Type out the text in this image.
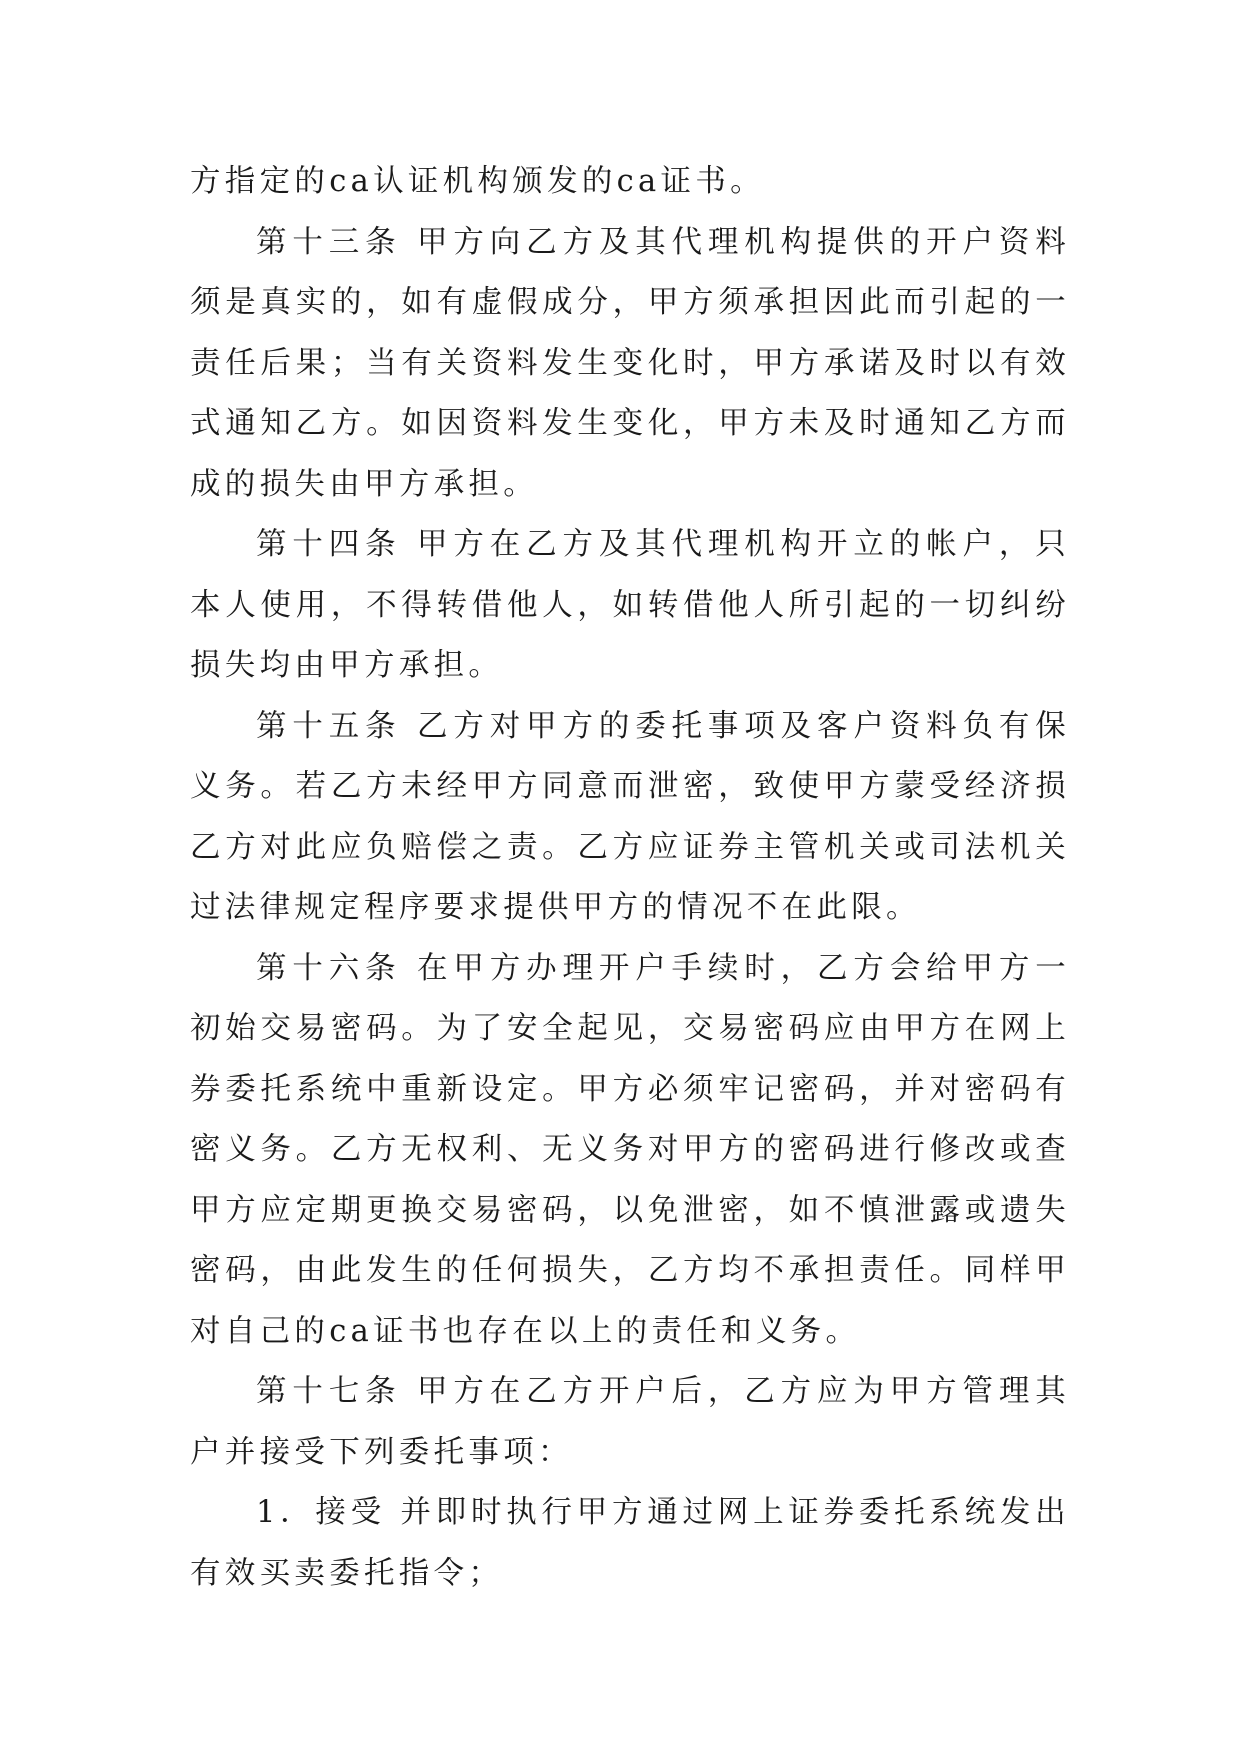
方指定的ca认证机构颁发的ca证书。
第十三条 甲方向乙方及其代理机构提供的开户资料
须是真实的，如有虚假成分，甲方须承担因此而引起的一
责任后果；当有关资料发生变化时，甲方承诺及时以有效
式通知乙方。如因资料发生变化，甲方未及时通知乙方而
成的损失由甲方承担。
第十四条 甲方在乙方及其代理机构开立的帐户，只
本人使用，不得转借他人，如转借他人所引起的一切纠纷
损失均由甲方承担。
第十五条 乙方对甲方的委托事项及客户资料负有保
义务。若乙方未经甲方同意而泄密，致使甲方蒙受经济损
乙方对此应负赔偿之责。乙方应证券主管机关或司法机关
过法律规定程序要求提供甲方的情况不在此限。
第十六条 在甲方办理开户手续时，乙方会给甲方一
初始交易密码。为了安全起见，交易密码应由甲方在网上
券委托系统中重新设定。甲方必须牢记密码，并对密码有
密义务。乙方无权利、无义务对甲方的密码进行修改或查
甲方应定期更换交易密码，以免泄密，如不慎泄露或遗失
密码，由此发生的任何损失，乙方均不承担责任。同样甲
对自己的ca证书也存在以上的责任和义务。
第十七条 甲方在乙方开户后，乙方应为甲方管理其
户并接受下列委托事项：
1．接受 并即时执行甲方通过网上证券委托系统发出
有效买卖委托指令；
